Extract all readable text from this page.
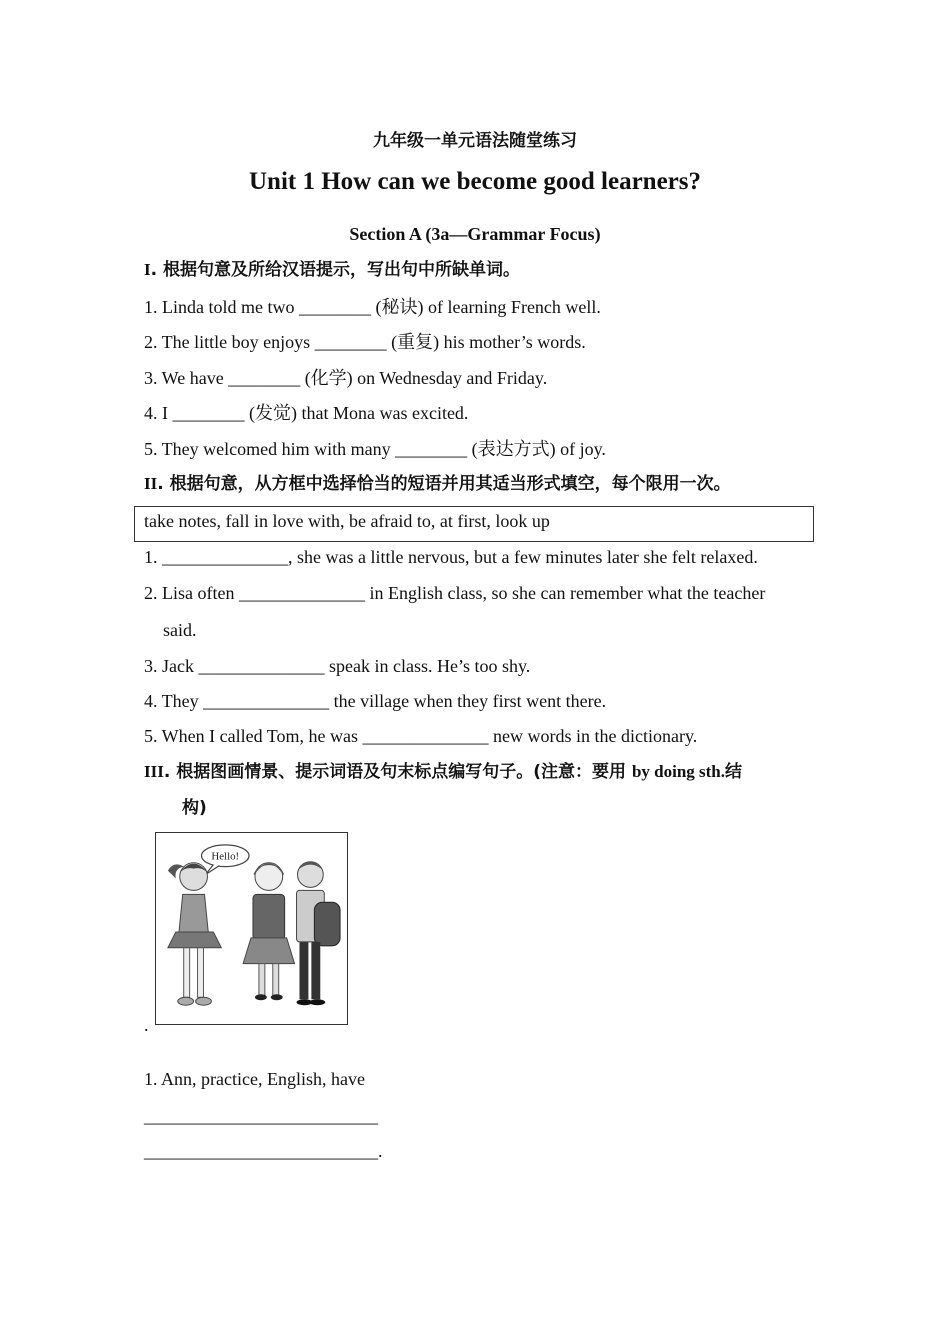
九年级一单元语法随堂练习
Unit 1 How can we become good learners?
Section A (3a—Grammar Focus)
I. 根据句意及所给汉语提示，写出句中所缺单词。
1. Linda told me two ________ (秘诀) of learning French well.
2. The little boy enjoys ________ (重复) his mother’s words.
3. We have ________ (化学) on Wednesday and Friday.
4. I ________ (发觉) that Mona was excited.
5. They welcomed him with many ________ (表达方式) of joy.
II. 根据句意，从方框中选择恰当的短语并用其适当形式填空，每个限用一次。
take notes, fall in love with, be afraid to, at first, look up
1. ______________, she was a little nervous, but a few minutes later she felt relaxed.
2. Lisa often ______________ in English class, so she can remember what the teacher
said.
3. Jack ______________ speak in class. He’s too shy.
4. They ______________ the village when they first went there.
5. When I called Tom, he was ______________ new words in the dictionary.
III. 根据图画情景、提示词语及句末标点编写句子。(注意：要用 by doing sth.结
构)
Hello!
.
1. Ann, practice, English, have
__________________________
__________________________.
